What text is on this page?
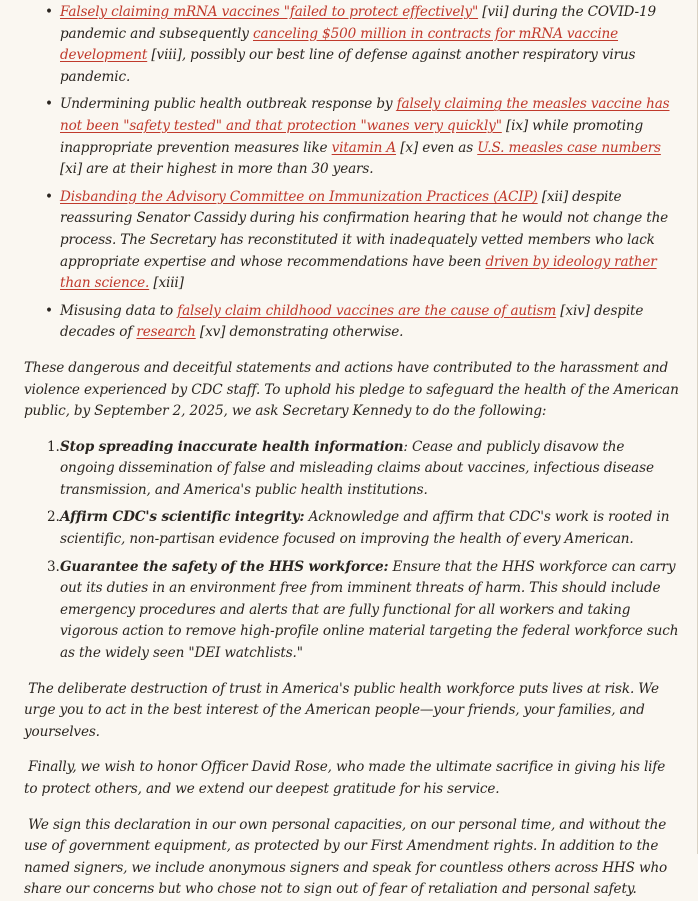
• Falsely claiming mRNA vaccines "failed to protect effectively" [vii] during the COVID-19 pandemic and subsequently canceling $500 million in contracts for mRNA vaccine development [viii], possibly our best line of defense against another respiratory virus pandemic.
• Undermining public health outbreak response by falsely claiming the measles vaccine has not been "safety tested" and that protection "wanes very quickly" [ix] while promoting inappropriate prevention measures like vitamin A [x] even as U.S. measles case numbers [xi] are at their highest in more than 30 years.
• Disbanding the Advisory Committee on Immunization Practices (ACIP) [xii] despite reassuring Senator Cassidy during his confirmation hearing that he would not change the process. The Secretary has reconstituted it with inadequately vetted members who lack appropriate expertise and whose recommendations have been driven by ideology rather than science. [xiii]
• Misusing data to falsely claim childhood vaccines are the cause of autism [xiv] despite decades of research [xv] demonstrating otherwise.

These dangerous and deceitful statements and actions have contributed to the harassment and violence experienced by CDC staff. To uphold his pledge to safeguard the health of the American public, by September 2, 2025, we ask Secretary Kennedy to do the following:

1. Stop spreading inaccurate health information: Cease and publicly disavow the ongoing dissemination of false and misleading claims about vaccines, infectious disease transmission, and America's public health institutions.
2. Affirm CDC's scientific integrity: Acknowledge and affirm that CDC's work is rooted in scientific, non-partisan evidence focused on improving the health of every American.
3. Guarantee the safety of the HHS workforce: Ensure that the HHS workforce can carry out its duties in an environment free from imminent threats of harm. This should include emergency procedures and alerts that are fully functional for all workers and taking vigorous action to remove high-profile online material targeting the federal workforce such as the widely seen "DEI watchlists."

The deliberate destruction of trust in America's public health workforce puts lives at risk. We urge you to act in the best interest of the American people—your friends, your families, and yourselves.

Finally, we wish to honor Officer David Rose, who made the ultimate sacrifice in giving his life to protect others, and we extend our deepest gratitude for his service.

We sign this declaration in our own personal capacities, on our personal time, and without the use of government equipment, as protected by our First Amendment rights. In addition to the named signers, we include anonymous signers and speak for countless others across HHS who share our concerns but who chose not to sign out of fear of retaliation and personal safety.
